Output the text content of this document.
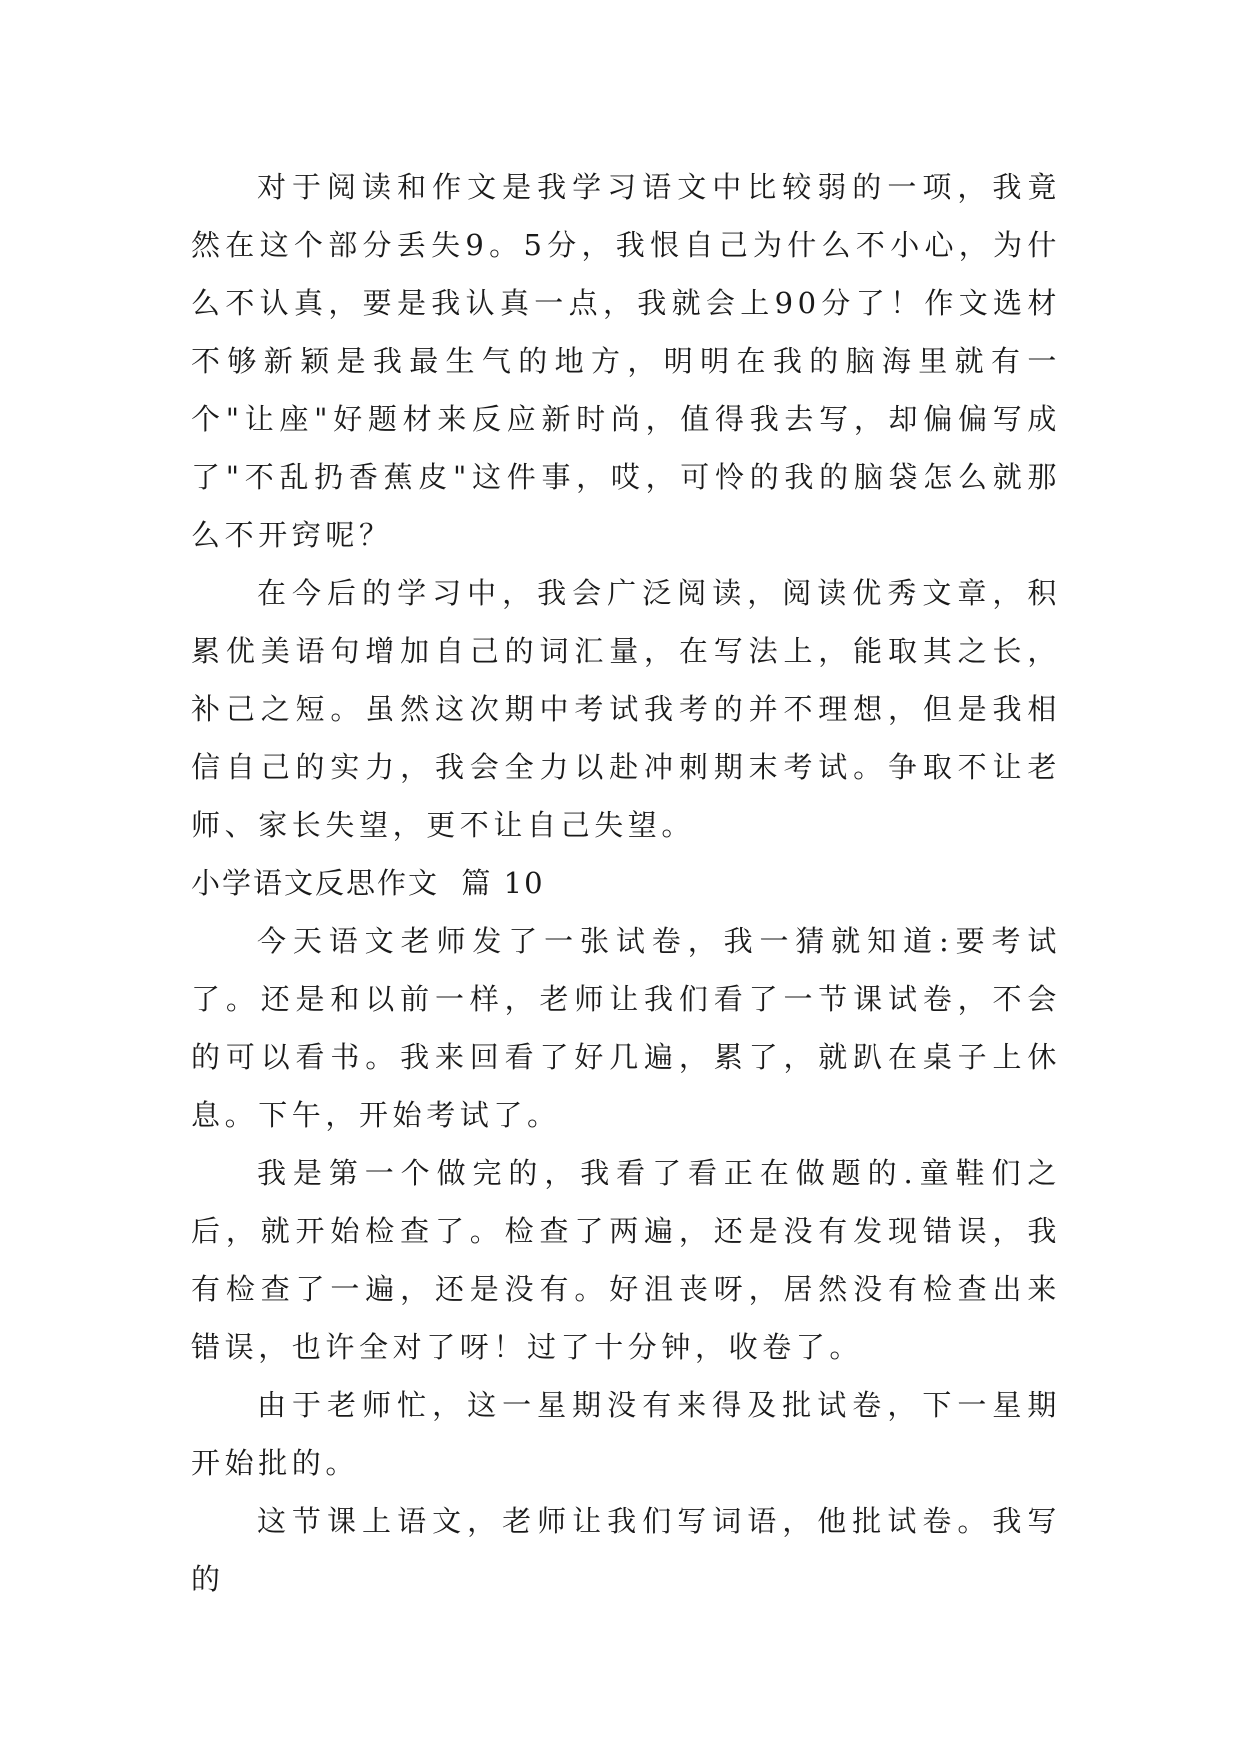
对于阅读和作文是我学习语文中比较弱的一项，我竟然在这个部分丢失9。5分，我恨自己为什么不小心，为什么不认真，要是我认真一点，我就会上90分了！作文选材不够新颖是我最生气的地方，明明在我的脑海里就有一个"让座"好题材来反应新时尚，值得我去写，却偏偏写成了"不乱扔香蕉皮"这件事，哎，可怜的我的脑袋怎么就那么不开窍呢？

在今后的学习中，我会广泛阅读，阅读优秀文章，积累优美语句增加自己的词汇量，在写法上，能取其之长，补己之短。虽然这次期中考试我考的并不理想，但是我相信自己的实力，我会全力以赴冲刺期末考试。争取不让老师、家长失望，更不让自己失望。

小学语文反思作文  篇 10

今天语文老师发了一张试卷，我一猜就知道:要考试了。还是和以前一样，老师让我们看了一节课试卷，不会的可以看书。我来回看了好几遍，累了，就趴在桌子上休息。下午，开始考试了。

我是第一个做完的，我看了看正在做题的.童鞋们之后，就开始检查了。检查了两遍，还是没有发现错误，我有检查了一遍，还是没有。好沮丧呀，居然没有检查出来错误，也许全对了呀！过了十分钟，收卷了。

由于老师忙，这一星期没有来得及批试卷，下一星期开始批的。

这节课上语文，老师让我们写词语，他批试卷。我写的
